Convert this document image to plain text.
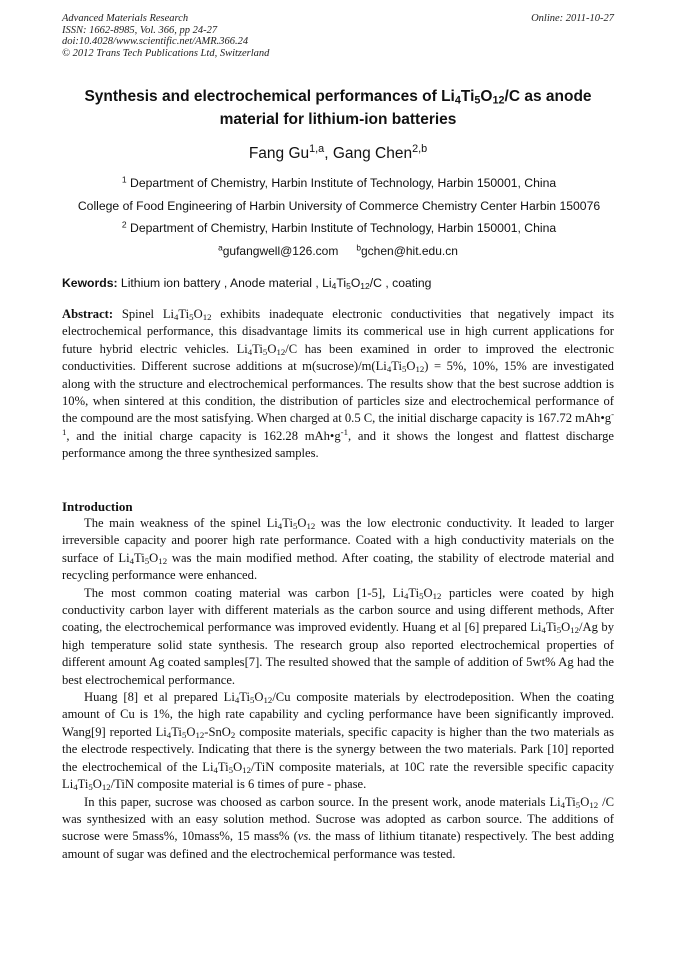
Advanced Materials Research
ISSN: 1662-8985, Vol. 366, pp 24-27
doi:10.4028/www.scientific.net/AMR.366.24
© 2012 Trans Tech Publications Ltd, Switzerland
Online: 2011-10-27
Synthesis and electrochemical performances of $Li_4Ti_5O_{12}/C$ as anode material for lithium-ion batteries
Fang Gu$^{1,a}$, Gang Chen$^{2,b}$
$^1$ Department of Chemistry, Harbin Institute of Technology, Harbin 150001, China
College of Food Engineering of Harbin University of Commerce Chemistry Center Harbin 150076
$^2$ Department of Chemistry, Harbin Institute of Technology, Harbin 150001, China
$^a$gufangwell@126.com $^b$gchen@hit.edu.cn
Kewords: Lithium ion battery , Anode material , $Li_4Ti_5O_{12}/C$ , coating

Abstract: Spinel $Li_4Ti_5O_{12}$ exhibits inadequate electronic conductivities that negatively impact its electrochemical performance, this disadvantage limits its commerical use in high current applications for future hybrid electric vehicles. $Li_4Ti_5O_{12}/C$ has been examined in order to improved the electronic conductivities. Different sucrose additions at $m(sucrose)/m(Li_4Ti_5O_{12}) = 5\%$, 10%, 15% are investigated along with the structure and electrochemical performances. The results show that the best sucrose addtion is 10%, when sintered at this condition, the distribution of particles size and electrochemical performance of the compound are the most satisfying. When charged at 0.5 C, the initial discharge capacity is 167.72 $mAh•g^{-1}$, and the initial charge capacity is 162.28 $mAh•g^{-1}$, and it shows the longest and flattest discharge performance among the three synthesized samples.

Introduction

The main weakness of the spinel $Li_4Ti_5O_{12}$ was the low electronic conductivity. It leaded to larger irreversible capacity and poorer high rate performance. Coated with a high conductivity materials on the surface of $Li_4Ti_5O_{12}$ was the main modified method. After coating, the stability of electrode material and recycling performance were enhanced.

The most common coating material was carbon [1-5], $Li_4Ti_5O_{12}$ particles were coated by high conductivity carbon layer with different materials as the carbon source and using different methods, After coating, the electrochemical performance was improved evidently. Huang et al [6] prepared $Li_4Ti_5O_{12}/Ag$ by high temperature solid state synthesis. The research group also reported electrochemical properties of different amount Ag coated samples[7]. The resulted showed that the sample of addition of 5wt% Ag had the best electrochemical performance.

Huang [8] et al prepared $Li_4Ti_5O_{12}/Cu$ composite materials by electrodeposition. When the coating amount of Cu is 1%, the high rate capability and cycling performance have been significantly improved. Wang[9] reported $Li_4Ti_5O_{12}-SnO_2$ composite materials, specific capacity is higher than the two materials as the electrode respectively. Indicating that there is the synergy between the two materials. Park [10] reported the electrochemical of the $Li_4Ti_5O_{12}$/TiN composite materials, at 10C rate the reversible specific capacity $Li_4Ti_5O_{12}$/TiN composite material is 6 times of pure - phase.

In this paper, sucrose was choosed as carbon source. In the present work, anode materials $Li_4Ti_5O_{12}$ /C was synthesized with an easy solution method. Sucrose was adopted as carbon source. The additions of sucrose were 5mass%, 10mass%, 15 mass% (vs. the mass of lithium titanate) respectively. The best adding amount of sugar was defined and the electrochemical performance was tested.
